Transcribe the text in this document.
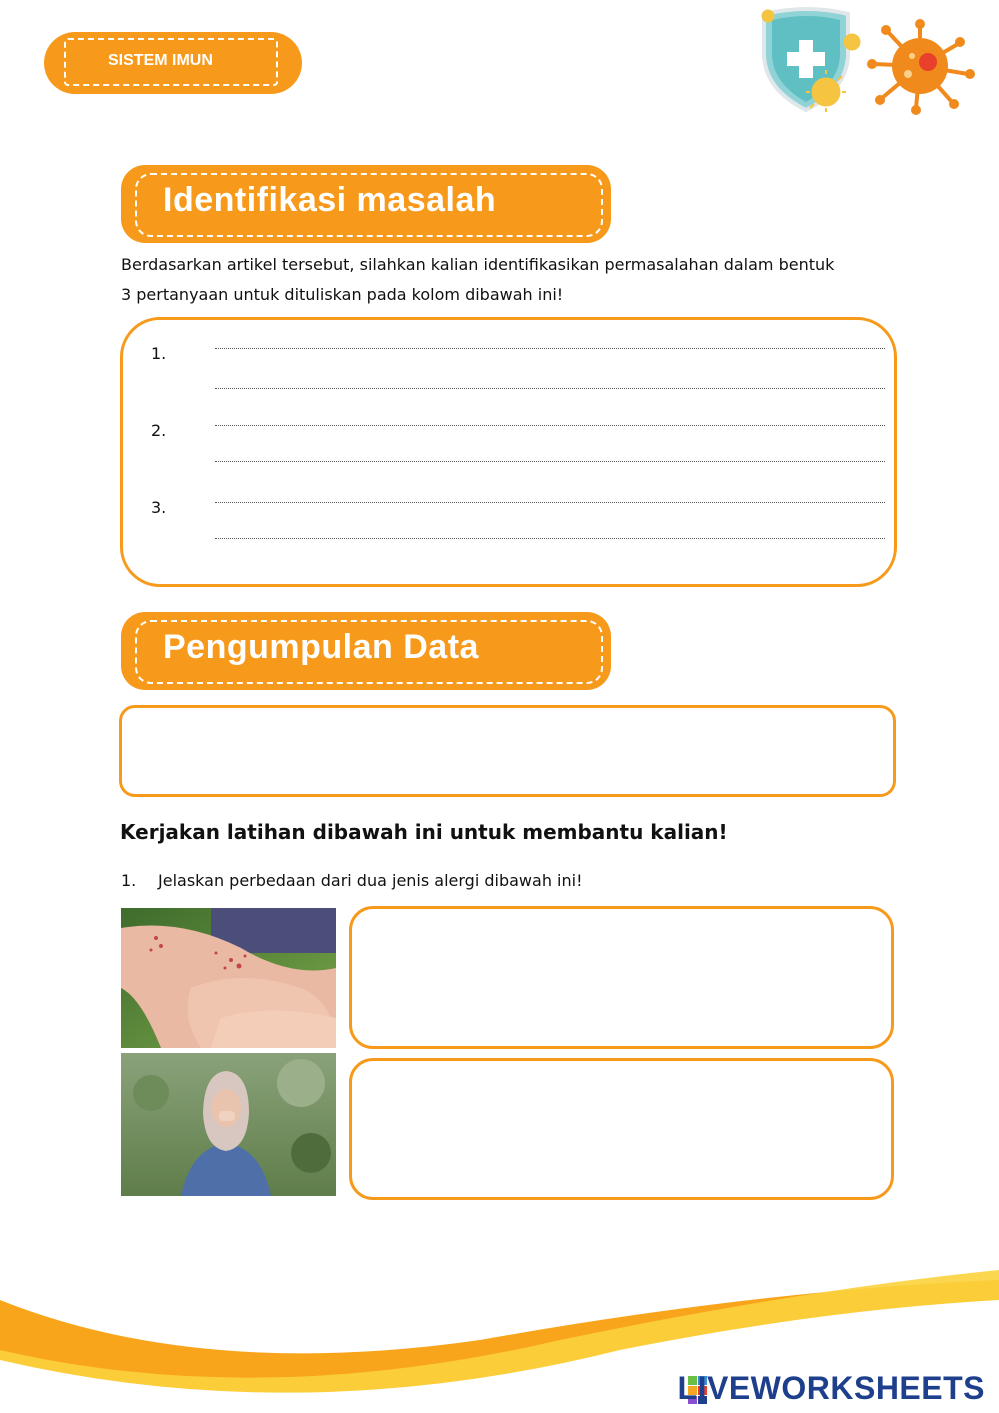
SISTEM IMUN
Identifikasi masalah
Berdasarkan artikel tersebut, silahkan kalian identifikasikan permasalahan dalam bentuk
3 pertanyaan untuk dituliskan pada kolom dibawah ini!
1.
2.
3.
Pengumpulan Data
Kerjakan latihan dibawah ini untuk membantu kalian!
1. Jelaskan perbedaan dari dua jenis alergi dibawah ini!
LIVEWORKSHEETS
